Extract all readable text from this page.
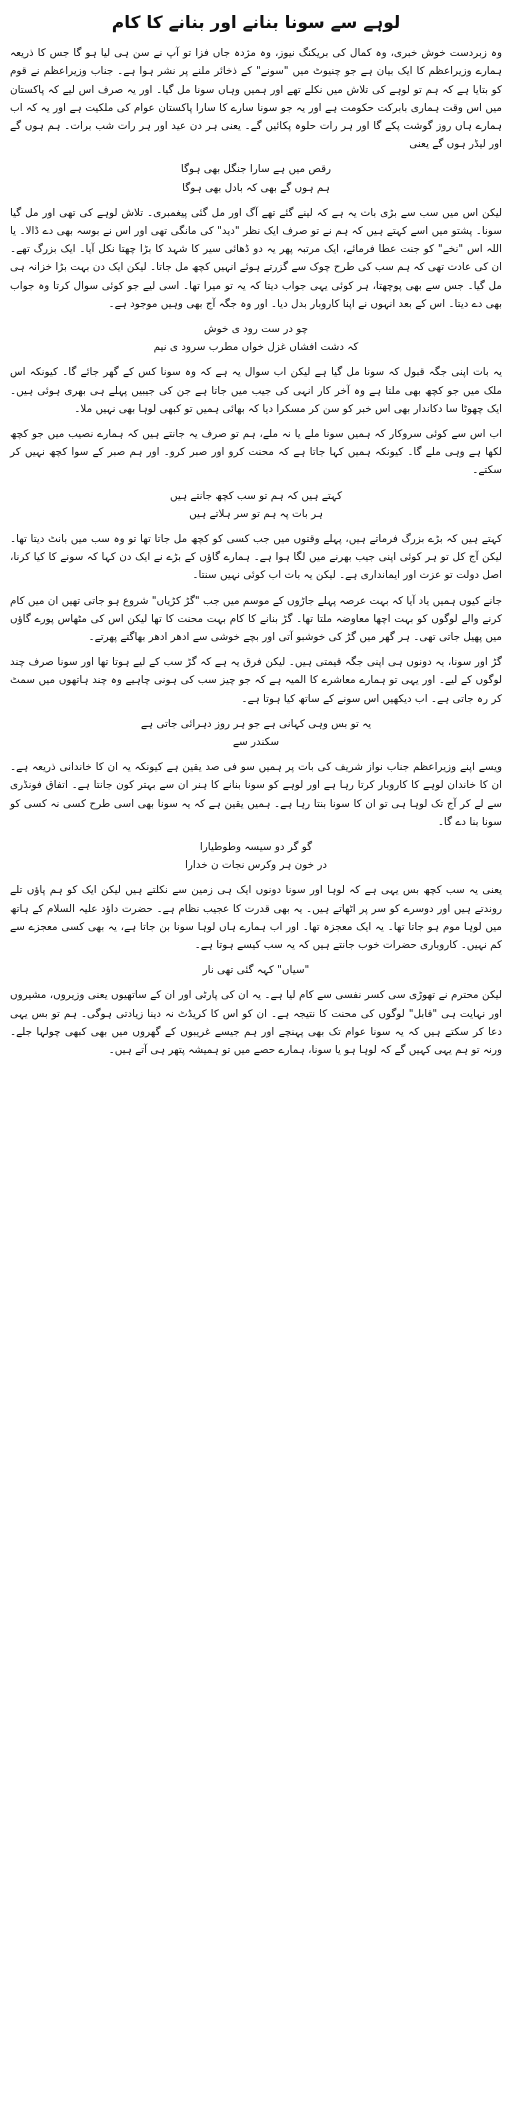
لوہے سے سونا بنانے اور بنانے کا کام

وہ زبردست خوش خبری، وہ کمال کی بریکنگ نیوز، وہ مژدہ جاں فزا تو آپ نے سن ہی لیا ہو گا جس کا ذریعہ ہمارے وزیراعظم کا ایک بیان ہے جو چنیوٹ میں "سونے" کے ذخائر ملنے پر نشر ہوا ہے۔ جناب وزیراعظم نے قوم کو بتایا ہے کہ ہم تو لوہے کی تلاش میں نکلے تھے اور ہمیں وہاں سونا مل گیا۔ اور یہ صرف اس لیے کہ پاکستان میں اس وقت ہماری بابرکت حکومت ہے اور یہ جو سونا سارے کا سارا پاکستان عوام کی ملکیت ہے اور یہ کہ اب ہمارے ہاں روز گوشت پکے گا اور ہر رات حلوہ پکائیں گے۔ یعنی ہر دن عید اور ہر رات شب برات۔ ہم ہوں گے اور لیڈر ہوں گے یعنی

رقص میں ہے سارا جنگل بھی ہوگا
ہم ہوں گے بھی کہ بادل بھی ہوگا

لیکن اس میں سب سے بڑی بات یہ ہے کہ لینے گئے تھے آگ اور مل گئی پیغمبری۔ تلاش لوہے کی تھی اور مل گیا سونا۔ پشتو میں اسے کہتے ہیں کہ ہم نے تو صرف ایک نظر "دید" کی مانگی تھی اور اس نے بوسہ بھی دے ڈالا۔ یا اللہ اس "نخے" کو جنت عطا فرمائے، ایک مرتبہ پھر یہ دو ڈھائی سیر کا شہد کا بڑا چھتا نکل آیا۔ ایک بزرگ تھے۔ ان کی عادت تھی کہ ہم سب کی طرح چوک سے گزرتے ہوئے انہیں کچھ مل جاتا۔ لیکن ایک دن بہت بڑا خزانہ ہی مل گیا۔ جس سے بھی پوچھتا، ہر کوئی یہی جواب دیتا کہ یہ تو میرا تھا۔ اسی لیے جو کوئی سوال کرتا وہ جواب بھی دے دیتا۔ اس کے بعد انہوں نے اپنا کاروبار بدل دیا۔ اور وہ جگہ آج بھی وہیں موجود ہے۔

چو در ست رود ی خوش
کہ دشت افشاں غزل خواں مطرب سرود ی نیم

یہ بات اپنی جگہ قبول کہ سونا مل گیا ہے لیکن اب سوال یہ ہے کہ وہ سونا کس کے گھر جائے گا۔ کیونکہ اس ملک میں جو کچھ بھی ملتا ہے وہ آخر کار انہی کی جیب میں جاتا ہے جن کی جیبیں پہلے ہی بھری ہوئی ہیں۔ ایک چھوٹا سا دکاندار بھی اس خبر کو سن کر مسکرا دیا کہ بھائی ہمیں تو کبھی لوہا بھی نہیں ملا۔

اب اس سے کوئی سروکار کہ ہمیں سونا ملے یا نہ ملے، ہم تو صرف یہ جانتے ہیں کہ ہمارے نصیب میں جو کچھ لکھا ہے وہی ملے گا۔ کیونکہ ہمیں کہا جاتا ہے کہ محنت کرو اور صبر کرو۔ اور ہم صبر کے سوا کچھ نہیں کر سکتے۔

کہتے ہیں کہ ہم تو سب کچھ جانتے ہیں
ہر بات پہ ہم تو سر ہلاتے ہیں

کہتے ہیں کہ بڑے بزرگ فرماتے ہیں، پہلے وقتوں میں جب کسی کو کچھ مل جاتا تھا تو وہ سب میں بانٹ دیتا تھا۔ لیکن آج کل تو ہر کوئی اپنی جیب بھرنے میں لگا ہوا ہے۔ ہمارے گاؤں کے بڑے نے ایک دن کہا کہ سونے کا کیا کرنا، اصل دولت تو عزت اور ایمانداری ہے۔ لیکن یہ بات اب کوئی نہیں سنتا۔

جانے کیوں ہمیں یاد آیا کہ بہت عرصہ پہلے جاڑوں کے موسم میں جب "گڑ کڑیاں" شروع ہو جاتی تھیں ان میں کام کرنے والے لوگوں کو بہت اچھا معاوضہ ملتا تھا۔ گڑ بنانے کا کام بہت محنت کا تھا لیکن اس کی مٹھاس پورے گاؤں میں پھیل جاتی تھی۔ ہر گھر میں گڑ کی خوشبو آتی اور بچے خوشی سے ادھر ادھر بھاگتے پھرتے۔

گڑ اور سونا، یہ دونوں ہی اپنی جگہ قیمتی ہیں۔ لیکن فرق یہ ہے کہ گڑ سب کے لیے ہوتا تھا اور سونا صرف چند لوگوں کے لیے۔ اور یہی تو ہمارے معاشرے کا المیہ ہے کہ جو چیز سب کی ہونی چاہیے وہ چند ہاتھوں میں سمٹ کر رہ جاتی ہے۔ اب دیکھیں اس سونے کے ساتھ کیا ہوتا ہے۔

یہ تو بس وہی کہانی ہے جو ہر روز دہرائی جاتی ہے
سکندر سے

ویسے اپنے وزیراعظم جناب نواز شریف کی بات پر ہمیں سو فی صد یقین ہے کیونکہ یہ ان کا خاندانی ذریعہ ہے۔ ان کا خاندان لوہے کا کاروبار کرتا رہا ہے اور لوہے کو سونا بنانے کا ہنر ان سے بہتر کون جانتا ہے۔ اتفاق فونڈری سے لے کر آج تک لوہا ہی تو ان کا سونا بنتا رہا ہے۔ ہمیں یقین ہے کہ یہ سونا بھی اسی طرح کسی نہ کسی کو سونا بنا دے گا۔

گو گر دو سیسہ وطوطیارا
در خون ہر وکرس نجات ن خدارا

یعنی یہ سب کچھ بس یہی ہے کہ لوہا اور سونا دونوں ایک ہی زمین سے نکلتے ہیں لیکن ایک کو ہم پاؤں تلے روندتے ہیں اور دوسرے کو سر پر اٹھاتے ہیں۔ یہ بھی قدرت کا عجیب نظام ہے۔ حضرت داؤد علیہ السلام کے ہاتھ میں لوہا موم ہو جاتا تھا۔ یہ ایک معجزہ تھا۔ اور اب ہمارے ہاں لوہا سونا بن جاتا ہے، یہ بھی کسی معجزے سے کم نہیں۔ کاروباری حضرات خوب جانتے ہیں کہ یہ سب کیسے ہوتا ہے۔

"سیاں" کہہ گئی تھی نار

لیکن محترم نے تھوڑی سی کسر نفسی سے کام لیا ہے۔ یہ ان کی پارٹی اور ان کے ساتھیوں یعنی وزیروں، مشیروں اور نہایت ہی "قابل" لوگوں کی محنت کا نتیجہ ہے۔ ان کو اس کا کریڈٹ نہ دینا زیادتی ہوگی۔ ہم تو بس یہی دعا کر سکتے ہیں کہ یہ سونا عوام تک بھی پہنچے اور ہم جیسے غریبوں کے گھروں میں بھی کبھی چولہا جلے۔ ورنہ تو ہم یہی کہیں گے کہ لوہا ہو یا سونا، ہمارے حصے میں تو ہمیشہ پتھر ہی آتے ہیں۔
